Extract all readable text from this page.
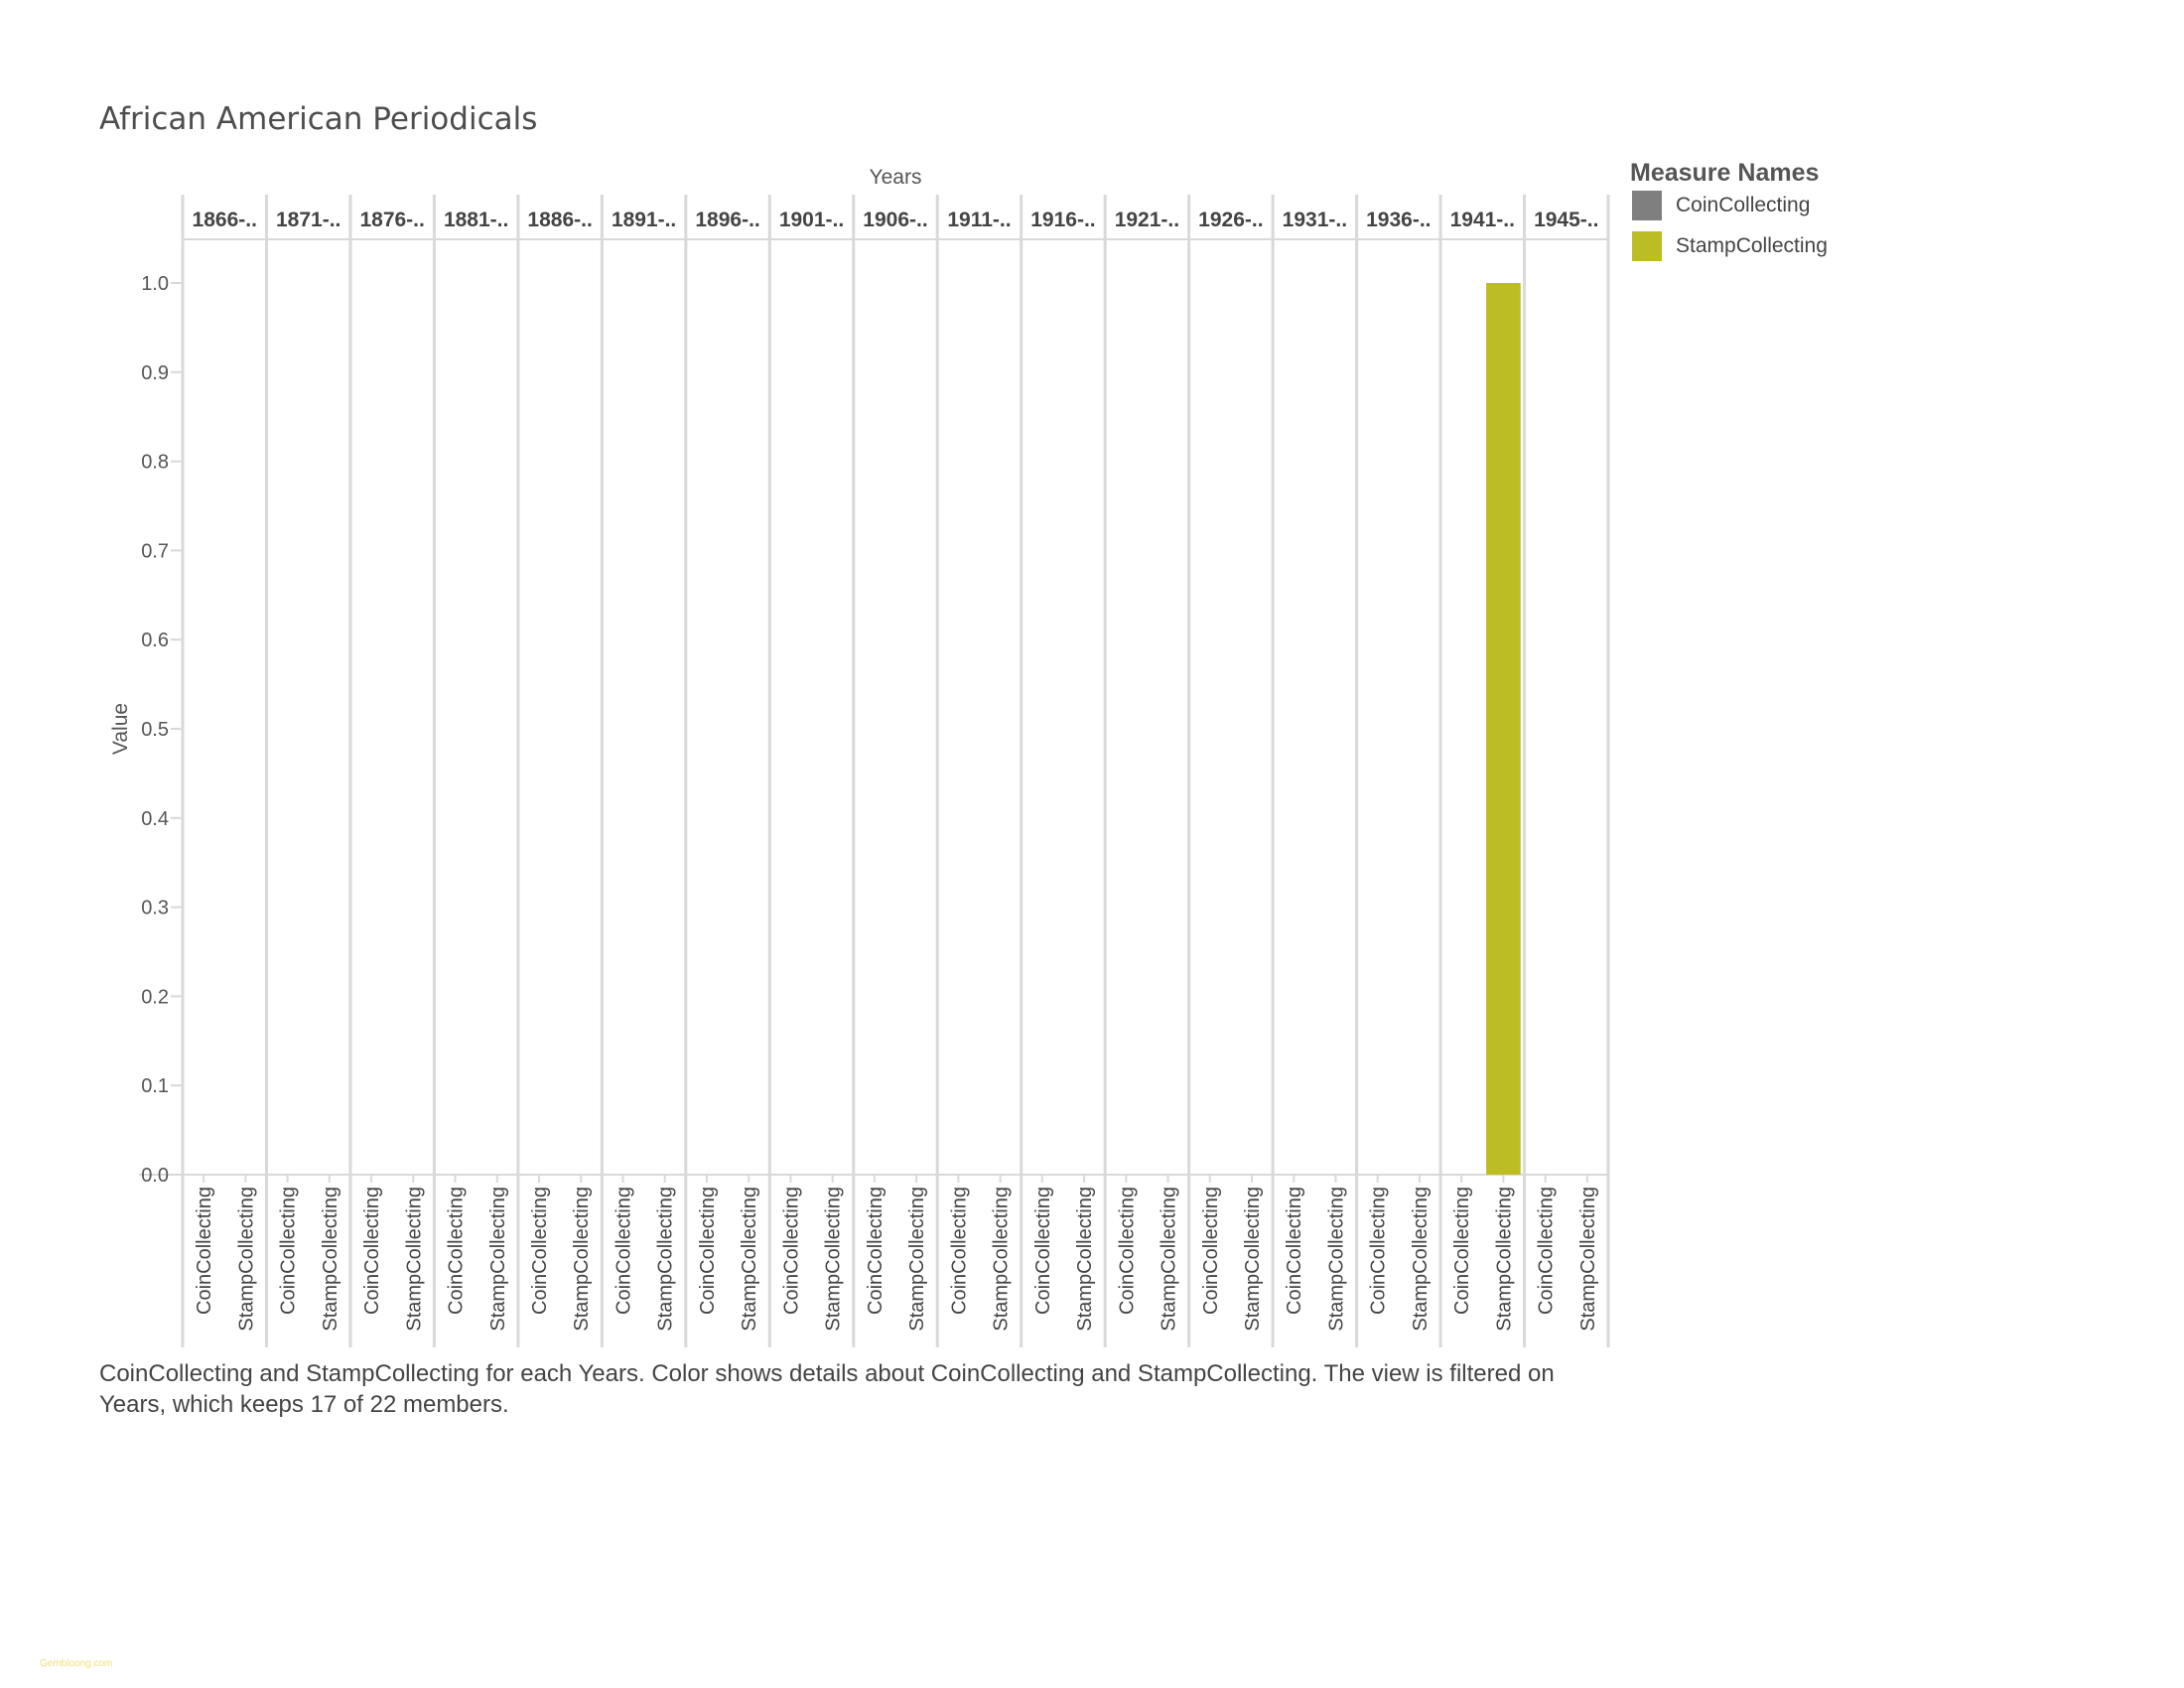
African American Periodicals
Years
Value
0.0
0.1
0.2
0.3
0.4
0.5
0.6
0.7
0.8
0.9
1.0
1866-..
CoinCollecting StampCollecting
1871-..
CoinCollecting StampCollecting
1876-..
CoinCollecting StampCollecting
1881-..
CoinCollecting StampCollecting
1886-..
CoinCollecting StampCollecting
1891-..
CoinCollecting StampCollecting
1896-..
CoinCollecting StampCollecting
1901-..
CoinCollecting StampCollecting
1906-..
CoinCollecting StampCollecting
1911-..
CoinCollecting StampCollecting
1916-..
CoinCollecting StampCollecting
1921-..
CoinCollecting StampCollecting
1926-..
CoinCollecting StampCollecting
1931-..
CoinCollecting StampCollecting
1936-..
CoinCollecting StampCollecting
1941-..
CoinCollecting StampCollecting
1945-..
CoinCollecting StampCollecting
Measure Names
CoinCollecting
StampCollecting
CoinCollecting and StampCollecting for each Years. Color shows details about CoinCollecting and StampCollecting. The view is filtered on Years, which keeps 17 of 22 members.
Gembloong.com
